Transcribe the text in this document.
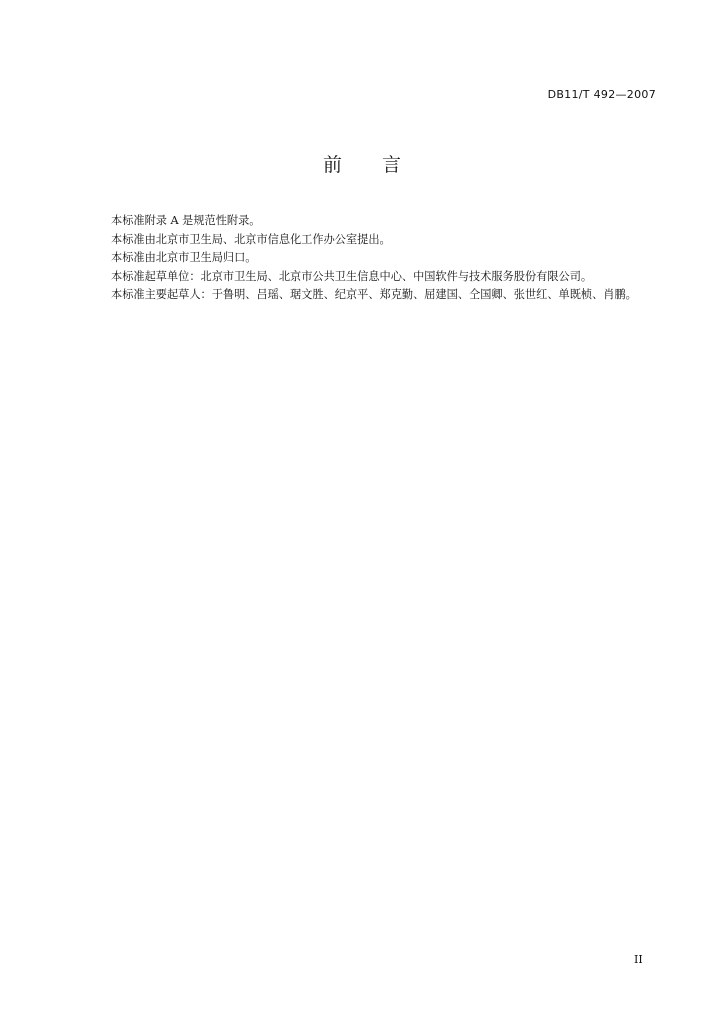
DB11/T 492—2007
前 言

本标准附录 A 是规范性附录。

本标准由北京市卫生局、北京市信息化工作办公室提出。

本标准由北京市卫生局归口。

本标准起草单位：北京市卫生局、北京市公共卫生信息中心、中国软件与技术服务股份有限公司。

本标准主要起草人：于鲁明、吕瑶、琚文胜、纪京平、郑克勤、屈建国、仝国卿、张世红、单既桢、肖鹏。

II
